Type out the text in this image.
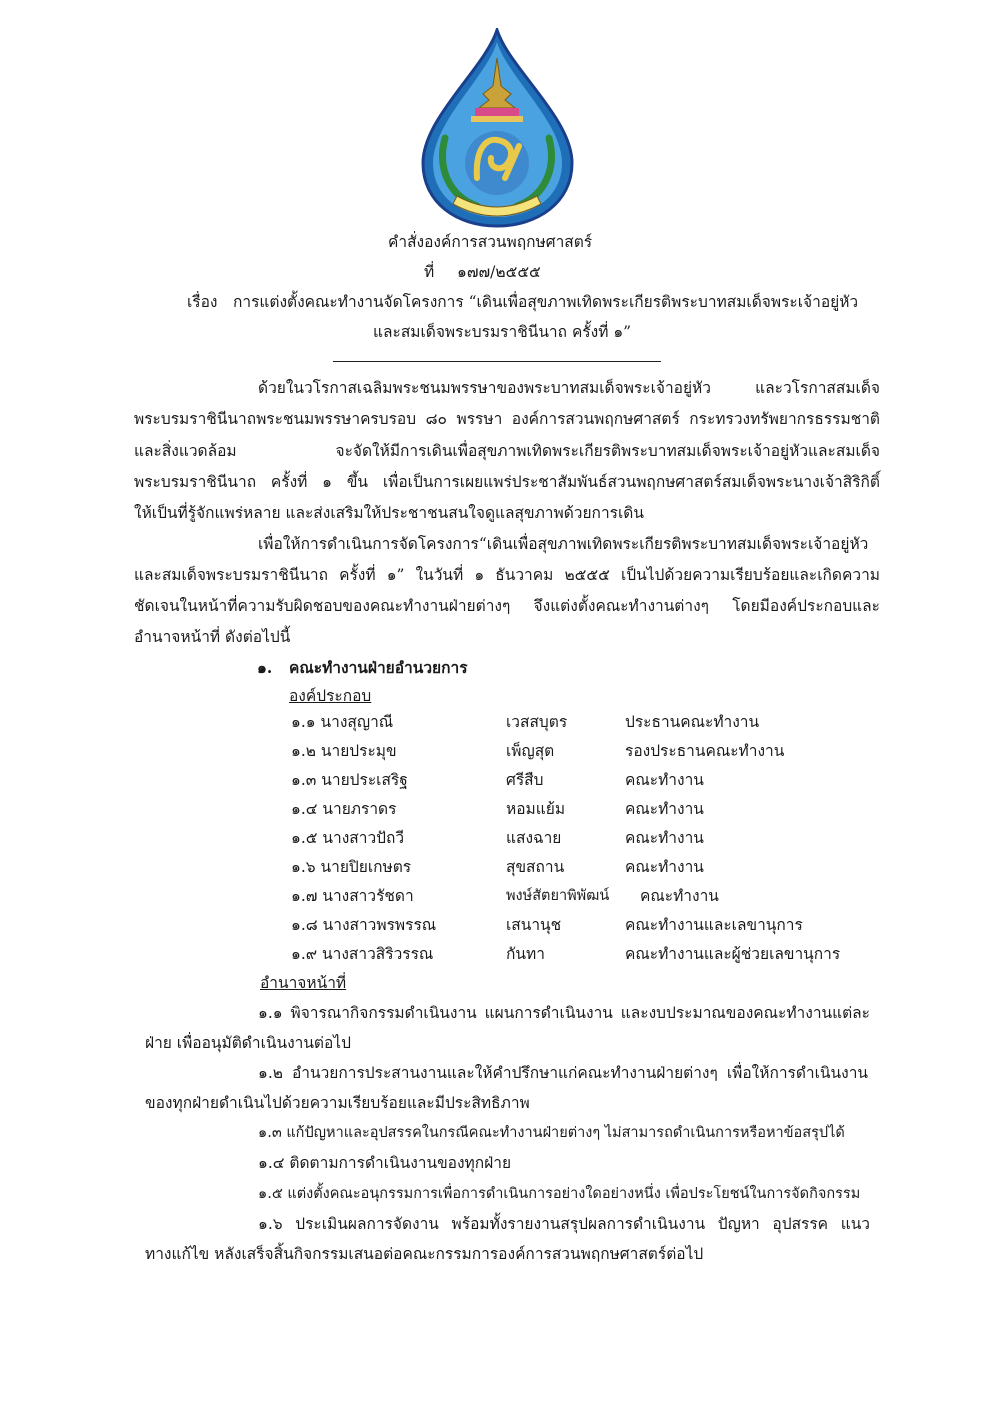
คำสั่งองค์การสวนพฤกษศาสตร์
ที่ ๑๗๗/๒๕๕๕
เรื่อง การแต่งตั้งคณะทำงานจัดโครงการ “เดินเพื่อสุขภาพเทิดพระเกียรติพระบาทสมเด็จพระเจ้าอยู่หัว
และสมเด็จพระบรมราชินีนาถ ครั้งที่ ๑”
ด้วยในวโรกาสเฉลิมพระชนมพรรษาของพระบาทสมเด็จพระเจ้าอยู่หัว และวโรกาสสมเด็จ
พระบรมราชินีนาถพระชนมพรรษาครบรอบ ๘๐ พรรษา องค์การสวนพฤกษศาสตร์ กระทรวงทรัพยากรธรรมชาติ
และสิ่งแวดล้อม จะจัดให้มีการเดินเพื่อสุขภาพเทิดพระเกียรติพระบาทสมเด็จพระเจ้าอยู่หัวและสมเด็จ
พระบรมราชินีนาถ ครั้งที่ ๑ ขึ้น เพื่อเป็นการเผยแพร่ประชาสัมพันธ์สวนพฤกษศาสตร์สมเด็จพระนางเจ้าสิริกิติ์
ให้เป็นที่รู้จักแพร่หลาย และส่งเสริมให้ประชาชนสนใจดูแลสุขภาพด้วยการเดิน
เพื่อให้การดำเนินการจัดโครงการ“เดินเพื่อสุขภาพเทิดพระเกียรติพระบาทสมเด็จพระเจ้าอยู่หัว
และสมเด็จพระบรมราชินีนาถ ครั้งที่ ๑” ในวันที่ ๑ ธันวาคม ๒๕๕๕ เป็นไปด้วยความเรียบร้อยและเกิดความ
ชัดเจนในหน้าที่ความรับผิดชอบของคณะทำงานฝ่ายต่างๆ จึงแต่งตั้งคณะทำงานต่างๆ โดยมีองค์ประกอบและ
อำนาจหน้าที่ ดังต่อไปนี้
๑. คณะทำงานฝ่ายอำนวยการ
องค์ประกอบ
๑.๑ นางสุญาณี	เวสสบุตร	ประธานคณะทำงาน
๑.๒ นายประมุข	เพ็ญสุต	รองประธานคณะทำงาน
๑.๓ นายประเสริฐ	ศรีสืบ	คณะทำงาน
๑.๔ นายภราดร	หอมแย้ม	คณะทำงาน
๑.๕ นางสาวปัถวี	แสงฉาย	คณะทำงาน
๑.๖ นายปิยเกษตร	สุขสถาน	คณะทำงาน
๑.๗ นางสาวรัชดา	พงษ์สัตยาพิพัฒน์ คณะทำงาน
๑.๘ นางสาวพรพรรณ	เสนานุช	คณะทำงานและเลขานุการ
๑.๙ นางสาวสิริวรรณ	กันทา	คณะทำงานและผู้ช่วยเลขานุการ
อำนาจหน้าที่
๑.๑ พิจารณากิจกรรมดำเนินงาน แผนการดำเนินงาน และงบประมาณของคณะทำงานแต่ละ
ฝ่าย เพื่ออนุมัติดำเนินงานต่อไป
๑.๒ อำนวยการประสานงานและให้คำปรึกษาแก่คณะทำงานฝ่ายต่างๆ เพื่อให้การดำเนินงาน
ของทุกฝ่ายดำเนินไปด้วยความเรียบร้อยและมีประสิทธิภาพ
๑.๓ แก้ปัญหาและอุปสรรคในกรณีคณะทำงานฝ่ายต่างๆ ไม่สามารถดำเนินการหรือหาข้อสรุปได้
๑.๔ ติดตามการดำเนินงานของทุกฝ่าย
๑.๕ แต่งตั้งคณะอนุกรรมการเพื่อการดำเนินการอย่างใดอย่างหนึ่ง เพื่อประโยชน์ในการจัดกิจกรรม
๑.๖ ประเมินผลการจัดงาน พร้อมทั้งรายงานสรุปผลการดำเนินงาน ปัญหา อุปสรรค แนว
ทางแก้ไข หลังเสร็จสิ้นกิจกรรมเสนอต่อคณะกรรมการองค์การสวนพฤกษศาสตร์ต่อไป
